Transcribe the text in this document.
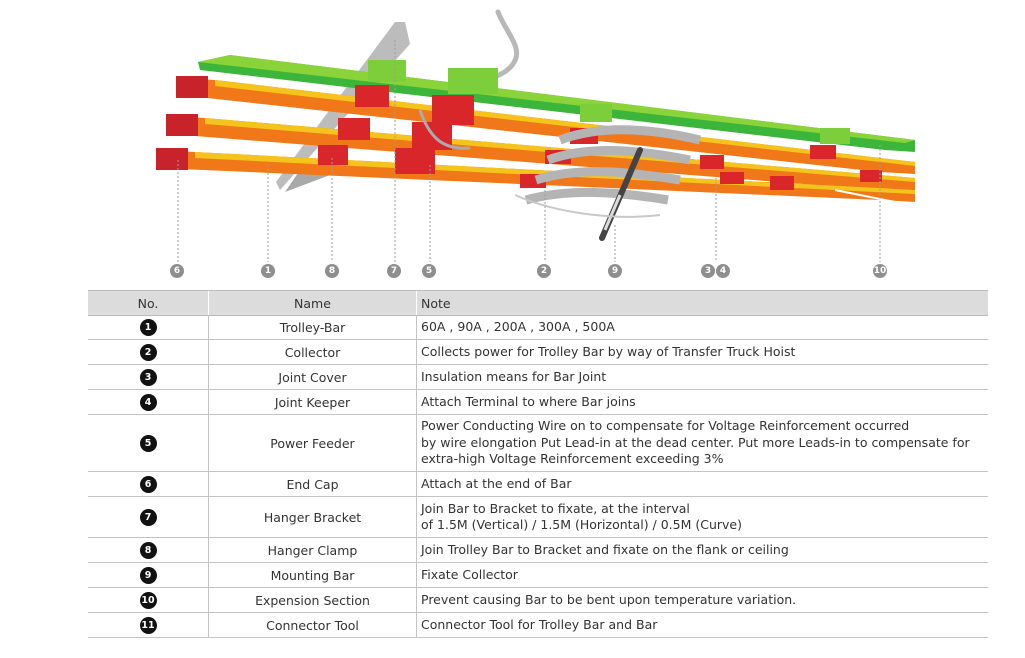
6	1	8	7	5	2	9	3 4	10
No.	Name	Note
1	Trolley-Bar	60A , 90A , 200A , 300A , 500A

2	Collector	Collects power for Trolley Bar by way of Transfer Truck Hoist

3	Joint Cover	Insulation means for Bar Joint

4	Joint Keeper	Attach Terminal to where Bar joins

5	Power Feeder	Power Conducting Wire on to compensate for Voltage Reinforcement occurred
by wire elongation Put Lead-in at the dead center. Put more Leads-in to compensate for
extra-high Voltage Reinforcement exceeding 3%

6	End Cap	Attach at the end of Bar

7	Hanger Bracket	Join Bar to Bracket to fixate, at the interval
of 1.5M (Vertical) / 1.5M (Horizontal) / 0.5M (Curve)

8	Hanger Clamp	Join Trolley Bar to Bracket and fixate on the flank or ceiling

9	Mounting Bar	Fixate Collector

10	Expension Section	Prevent causing Bar to be bent upon temperature variation.

11	Connector Tool	Connector Tool for Trolley Bar and Bar
